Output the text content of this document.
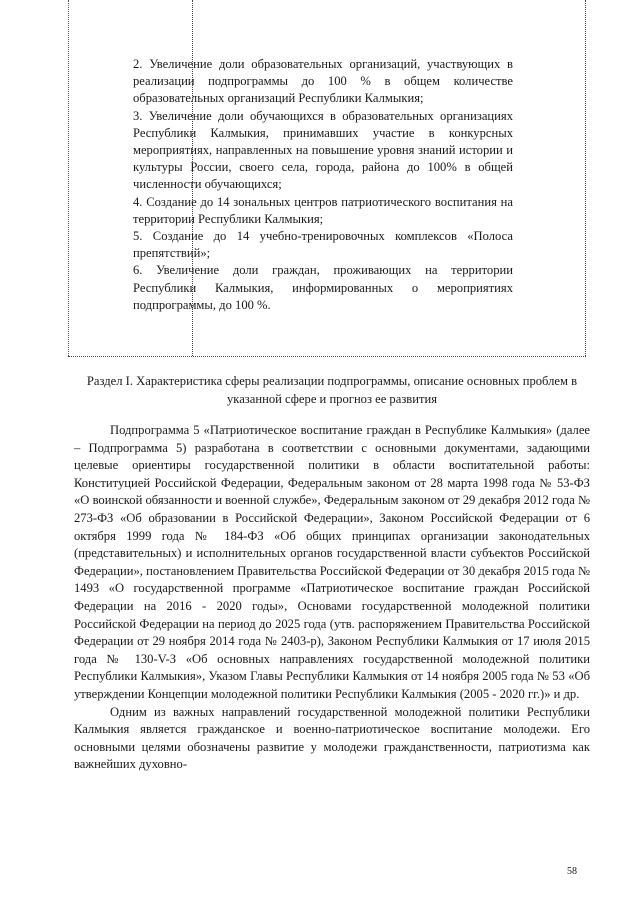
2. Увеличение доли образовательных организаций, участвующих в реализации подпрограммы до 100 % в общем количестве образовательных организаций Республики Калмыкия;

3. Увеличение доли обучающихся в образовательных организациях Республики Калмыкия, принимавших участие в конкурсных мероприятиях, направленных на повышение уровня знаний истории и культуры России, своего села, города, района до 100% в общей численности обучающихся;

4. Создание до 14 зональных центров патриотического воспитания на территории Республики Калмыкия;

5. Создание до 14 учебно-тренировочных комплексов «Полоса препятствий»;

6. Увеличение доли граждан, проживающих на территории Республики Калмыкия, информированных о мероприятиях подпрограммы, до 100 %.

Раздел I. Характеристика сферы реализации подпрограммы, описание основных проблем в указанной сфере и прогноз ее развития

Подпрограмма 5 «Патриотическое воспитание граждан в Республике Калмыкия» (далее – Подпрограмма 5) разработана в соответствии с основными документами, задающими целевые ориентиры государственной политики в области воспитательной работы: Конституцией Российской Федерации, Федеральным законом от 28 марта 1998 года № 53-ФЗ «О воинской обязанности и военной службе», Федеральным законом от 29 декабря 2012 года № 273-ФЗ «Об образовании в Российской Федерации», Законом Российской Федерации от 6 октября 1999 года № 184-ФЗ «Об общих принципах организации законодательных (представительных) и исполнительных органов государственной власти субъектов Российской Федерации», постановлением Правительства Российской Федерации от 30 декабря 2015 года № 1493 «О государственной программе «Патриотическое воспитание граждан Российской Федерации на 2016 - 2020 годы», Основами государственной молодежной политики Российской Федерации на период до 2025 года (утв. распоряжением Правительства Российской Федерации от 29 ноября 2014 года № 2403-р), Законом Республики Калмыкия от 17 июля 2015 года № 130-V-З «Об основных направлениях государственной молодежной политики Республики Калмыкия», Указом Главы Республики Калмыкия от 14 ноября 2005 года № 53 «Об утверждении Концепции молодежной политики Республики Калмыкия (2005 - 2020 гг.)» и др.

Одним из важных направлений государственной молодежной политики Республики Калмыкия является гражданское и военно-патриотическое воспитание молодежи. Его основными целями обозначены развитие у молодежи гражданственности, патриотизма как важнейших духовно-

58
